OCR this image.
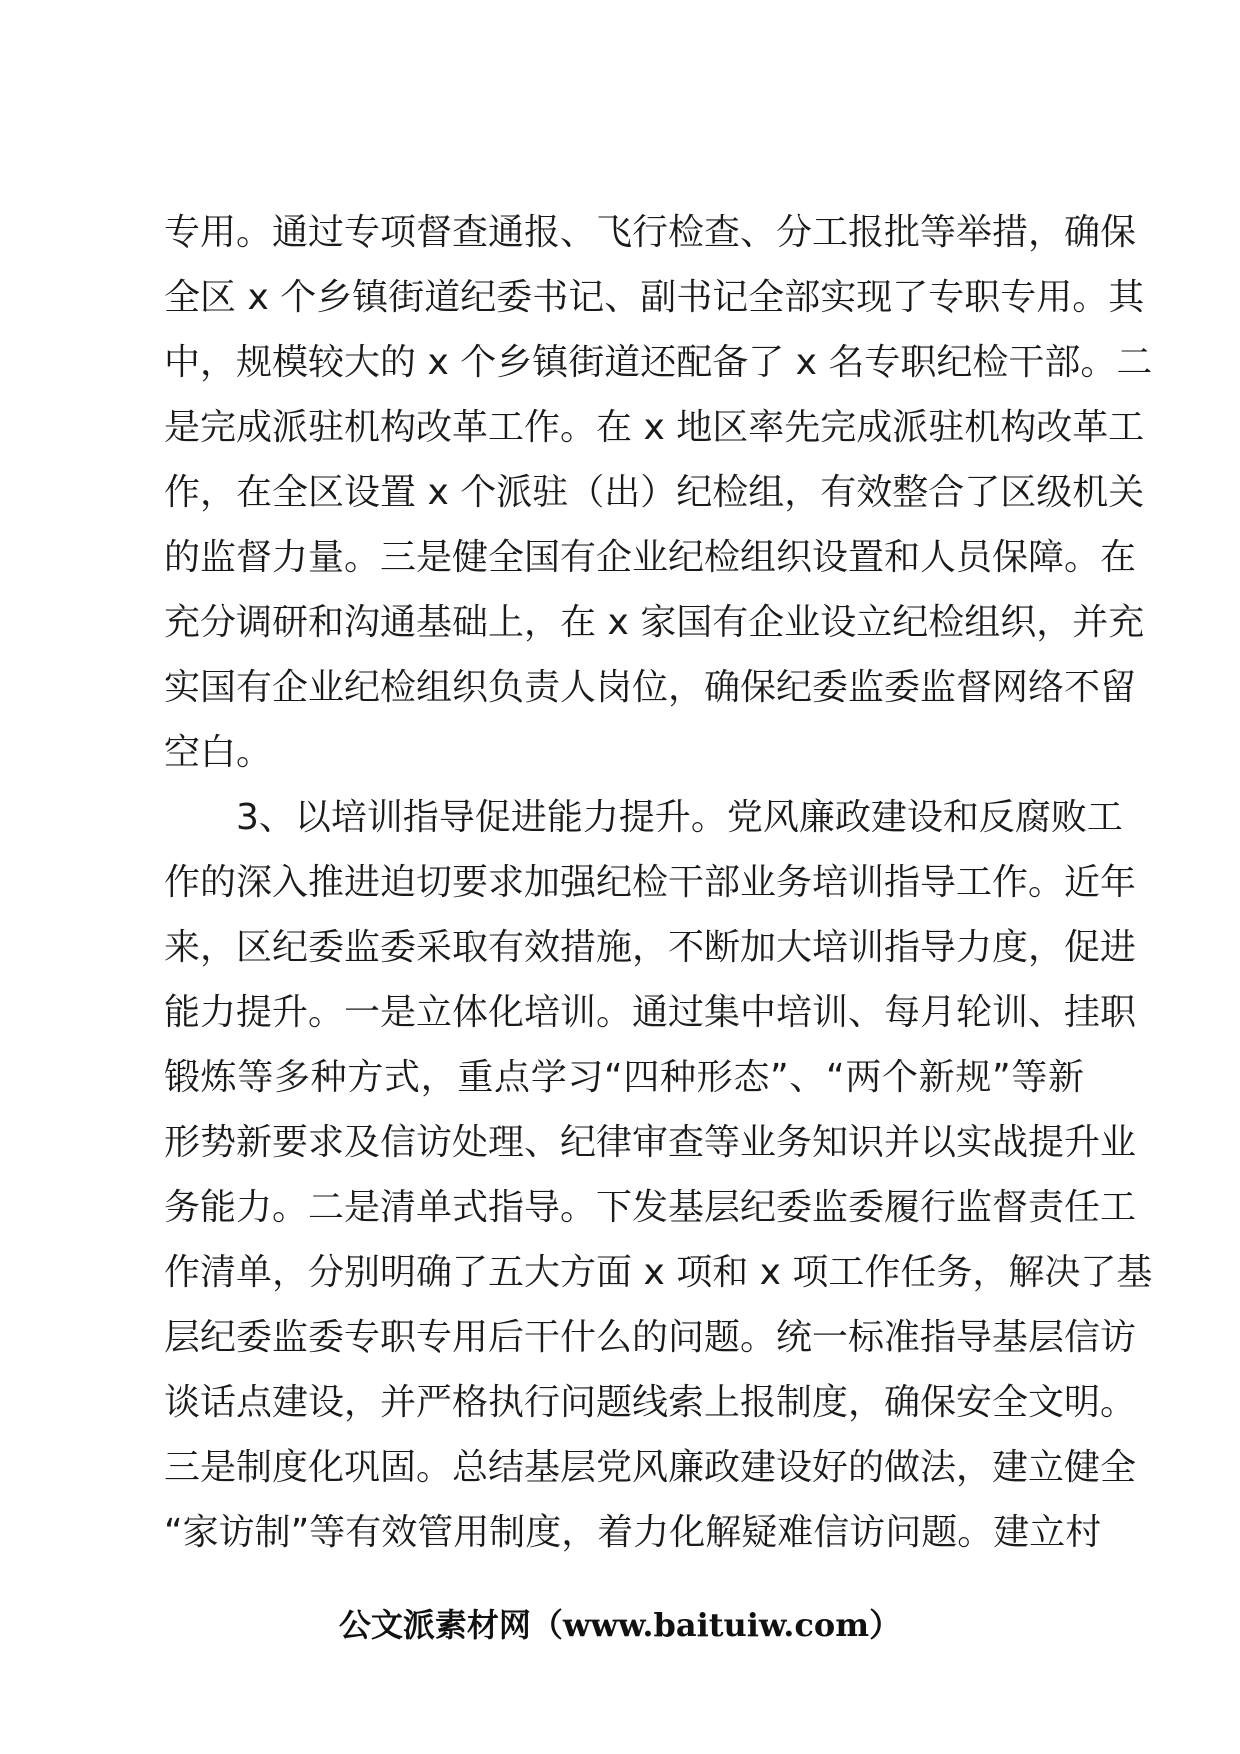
专用。通过专项督查通报、飞行检查、分工报批等举措，确保
全区 x 个乡镇街道纪委书记、副书记全部实现了专职专用。其
中，规模较大的 x 个乡镇街道还配备了 x 名专职纪检干部。二
是完成派驻机构改革工作。在 x 地区率先完成派驻机构改革工
作，在全区设置 x 个派驻（出）纪检组，有效整合了区级机关
的监督力量。三是健全国有企业纪检组织设置和人员保障。在
充分调研和沟通基础上，在 x 家国有企业设立纪检组织，并充
实国有企业纪检组织负责人岗位，确保纪委监委监督网络不留
空白。
3、以培训指导促进能力提升。党风廉政建设和反腐败工
作的深入推进迫切要求加强纪检干部业务培训指导工作。近年
来，区纪委监委采取有效措施，不断加大培训指导力度，促进
能力提升。一是立体化培训。通过集中培训、每月轮训、挂职
锻炼等多种方式，重点学习“四种形态”、“两个新规”等新
形势新要求及信访处理、纪律审查等业务知识并以实战提升业
务能力。二是清单式指导。下发基层纪委监委履行监督责任工
作清单，分别明确了五大方面 x 项和 x 项工作任务，解决了基
层纪委监委专职专用后干什么的问题。统一标准指导基层信访
谈话点建设，并严格执行问题线索上报制度，确保安全文明。
三是制度化巩固。总结基层党风廉政建设好的做法，建立健全
“家访制”等有效管用制度，着力化解疑难信访问题。建立村
公文派素材网（www.baituiw.com）
